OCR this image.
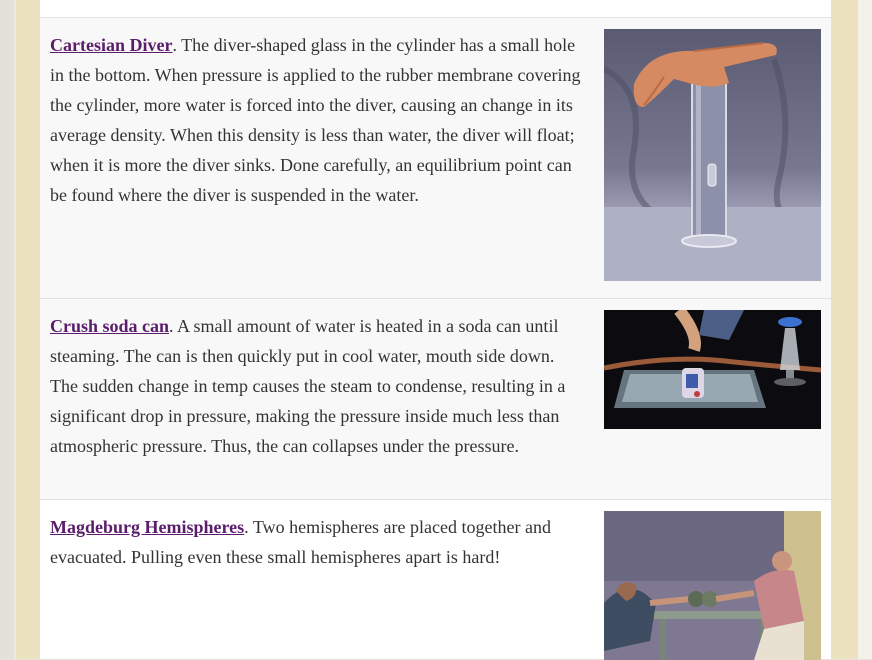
Cartesian Diver. The diver-shaped glass in the cylinder has a small hole in the bottom. When pressure is applied to the rubber membrane covering the cylinder, more water is forced into the diver, causing an change in its average density. When this density is less than water, the diver will float; when it is more the diver sinks. Done carefully, an equilibrium point can be found where the diver is suspended in the water.
Crush soda can. A small amount of water is heated in a soda can until steaming. The can is then quickly put in cool water, mouth side down. The sudden change in temp causes the steam to condense, resulting in a significant drop in pressure, making the pressure inside much less than atmospheric pressure. Thus, the can collapses under the pressure.
Magdeburg Hemispheres. Two hemispheres are placed together and evacuated. Pulling even these small hemispheres apart is hard!
